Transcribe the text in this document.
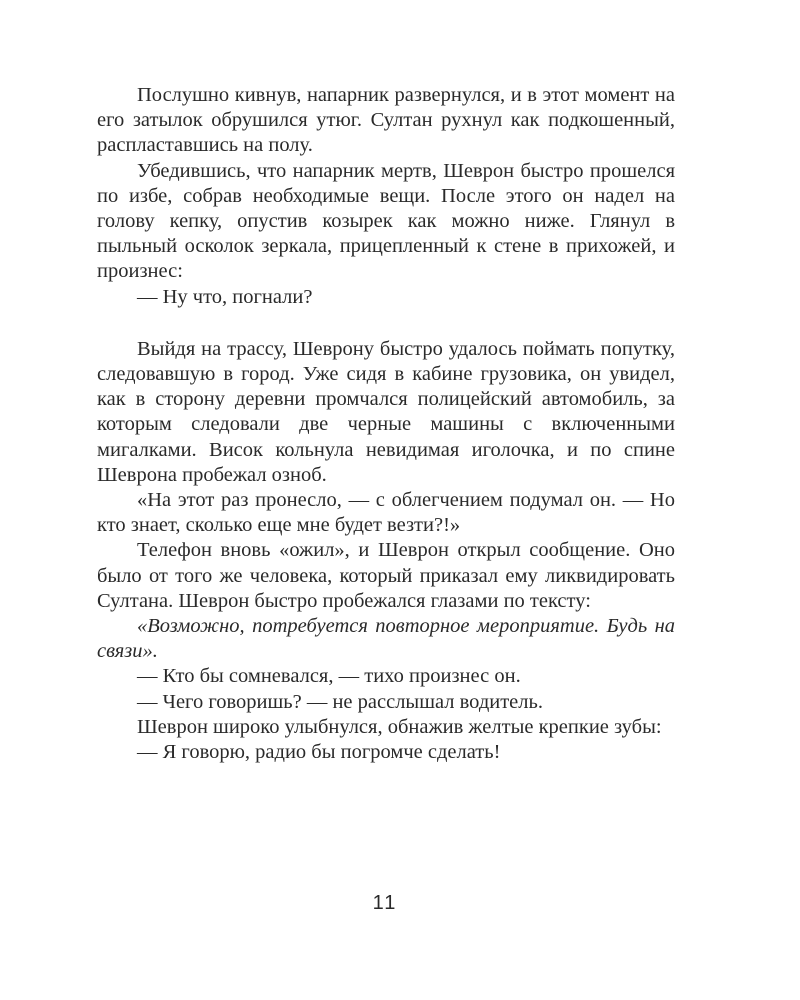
Послушно кивнув, напарник развернулся, и в этот момент на его затылок обрушился утюг. Султан рухнул как подкошенный, распластавшись на полу.

Убедившись, что напарник мертв, Шеврон быстро прошелся по избе, собрав необходимые вещи. После этого он надел на голову кепку, опустив козырек как можно ниже. Глянул в пыльный осколок зеркала, прицепленный к стене в прихожей, и произнес:

— Ну что, погнали?

Выйдя на трассу, Шеврону быстро удалось поймать попутку, следовавшую в город. Уже сидя в кабине грузовика, он увидел, как в сторону деревни промчался полицейский автомобиль, за которым следовали две черные машины с включенными мигалками. Висок кольнула невидимая иголочка, и по спине Шеврона пробежал озноб.

«На этот раз пронесло, — с облегчением подумал он. — Но кто знает, сколько еще мне будет везти?!»

Телефон вновь «ожил», и Шеврон открыл сообщение. Оно было от того же человека, который приказал ему ликвидировать Султана. Шеврон быстро пробежался глазами по тексту:

«Возможно, потребуется повторное мероприятие. Будь на связи».

— Кто бы сомневался, — тихо произнес он.

— Чего говоришь? — не расслышал водитель.

Шеврон широко улыбнулся, обнажив желтые крепкие зубы:

— Я говорю, радио бы погромче сделать!

11
